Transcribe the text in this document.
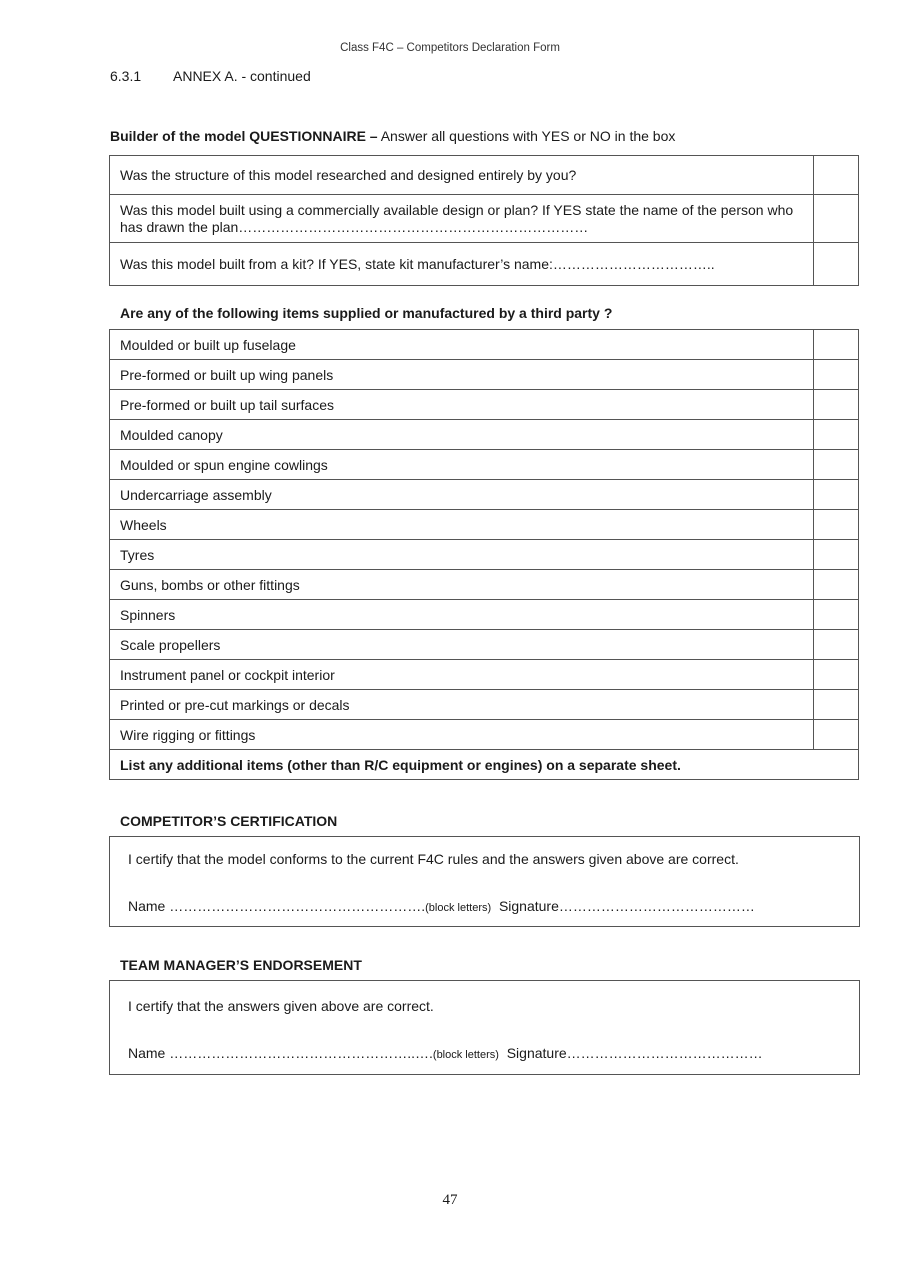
Class F4C – Competitors Declaration Form
6.3.1 ANNEX A. - continued
Builder of the model QUESTIONNAIRE – Answer all questions with YES or NO in the box
Was the structure of this model researched and designed entirely by you?	
Was this model built using a commercially available design or plan? If YES state the name of the person who has drawn the plan…………………………………………………………………	
Was this model built from a kit? If YES, state kit manufacturer’s name:……………………………..	
Are any of the following items supplied or manufactured by a third party ?
Moulded or built up fuselage	
Pre-formed or built up wing panels	
Pre-formed or built up tail surfaces	
Moulded canopy	
Moulded or spun engine cowlings	
Undercarriage assembly	
Wheels	
Tyres	
Guns, bombs or other fittings	
Spinners	
Scale propellers	
Instrument panel or cockpit interior	
Printed or pre-cut markings or decals	
Wire rigging or fittings	
List any additional items (other than R/C equipment or engines) on a separate sheet.	
COMPETITOR’S CERTIFICATION
I certify that the model conforms to the current F4C rules and the answers given above are correct.
Name ……………………………………………….(block letters) Signature……………………………………
TEAM MANAGER’S ENDORSEMENT
I certify that the answers given above are correct.
Name ……………………………………………..….(block letters) Signature……………………………………
47
